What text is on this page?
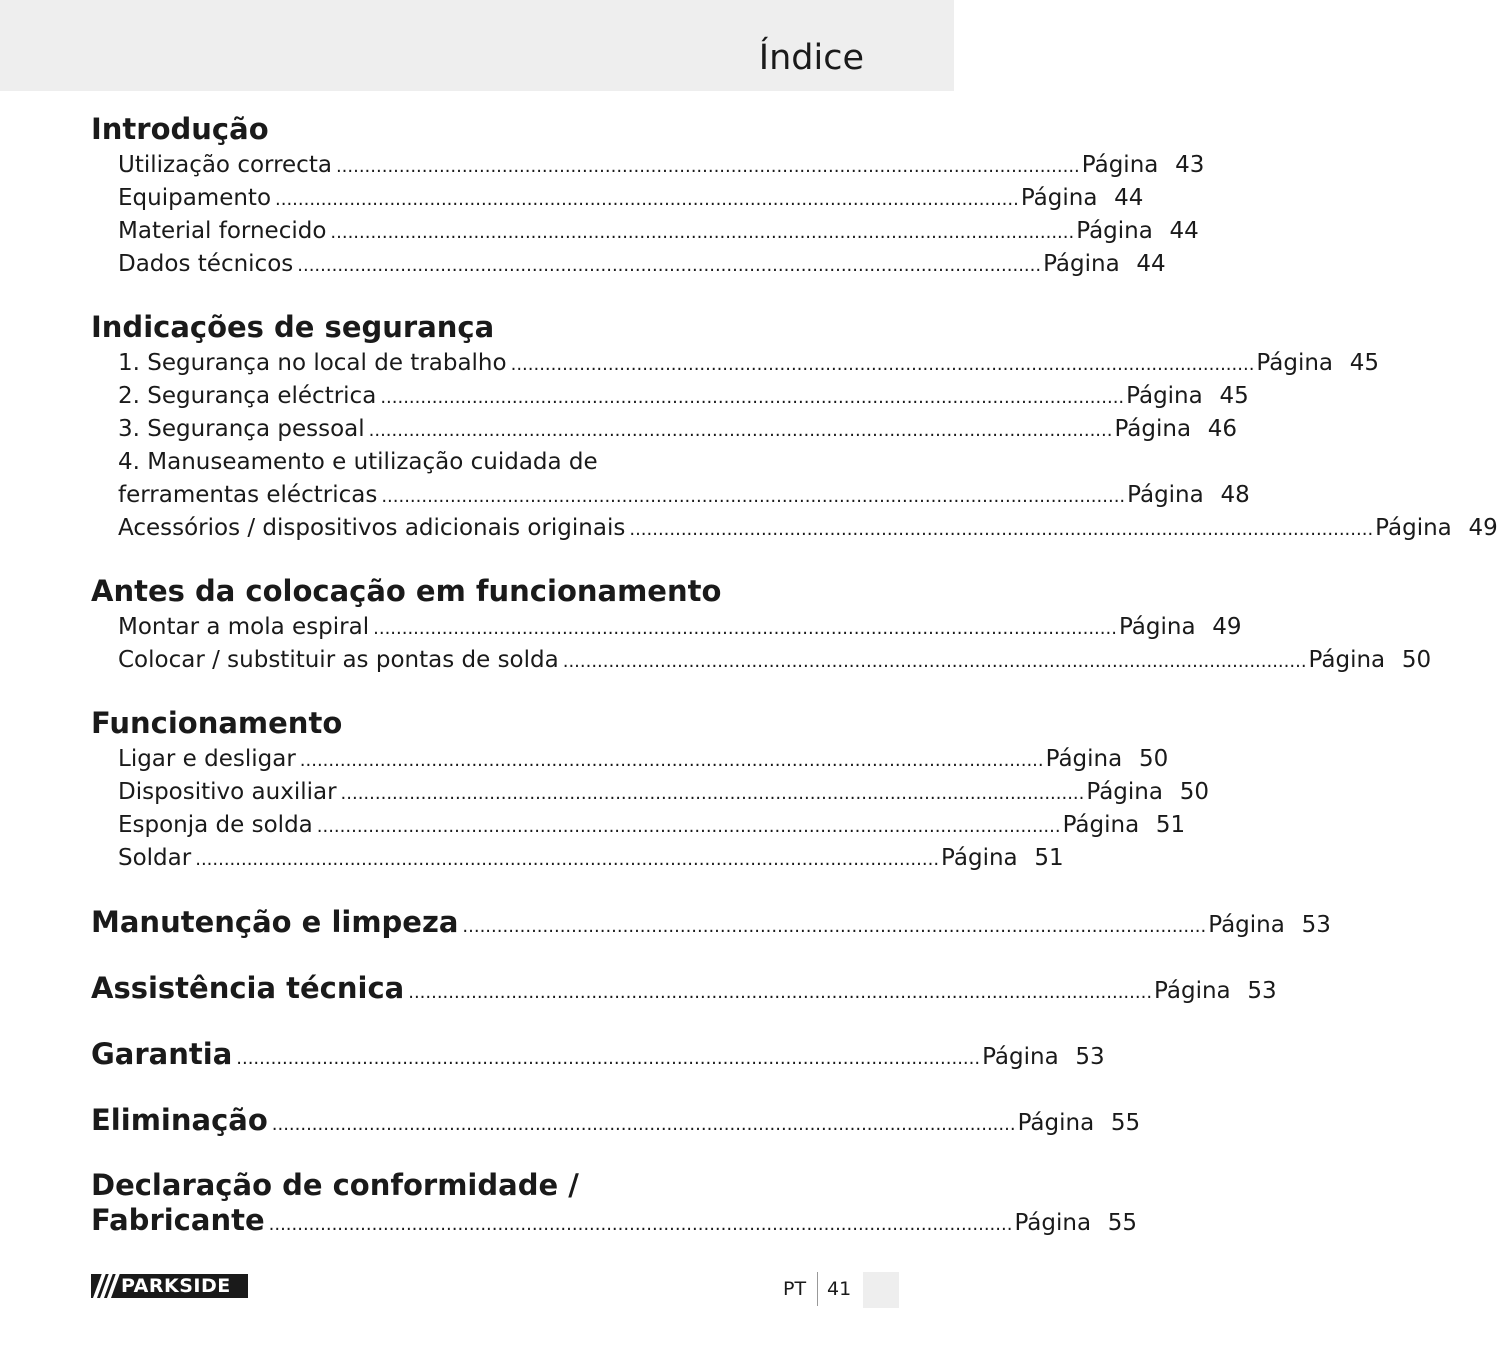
Índice
Introdução
Utilização correcta .................................................................................................................................. Página 43
Equipamento .................................................................................................................................. Página 44
Material fornecido .................................................................................................................................. Página 44
Dados técnicos .................................................................................................................................. Página 44
Indicações de segurança
1. Segurança no local de trabalho .................................................................................................................................. Página 45
2. Segurança eléctrica .................................................................................................................................. Página 45
3. Segurança pessoal .................................................................................................................................. Página 46
4. Manuseamento e utilização cuidada de
ferramentas eléctricas .................................................................................................................................. Página 48
Acessórios / dispositivos adicionais originais .................................................................................................................................. Página 49
Antes da colocação em funcionamento
Montar a mola espiral .................................................................................................................................. Página 49
Colocar / substituir as pontas de solda .................................................................................................................................. Página 50
Funcionamento
Ligar e desligar .................................................................................................................................. Página 50
Dispositivo auxiliar .................................................................................................................................. Página 50
Esponja de solda .................................................................................................................................. Página 51
Soldar .................................................................................................................................. Página 51
Manutenção e limpeza .................................................................................................................................. Página 53
Assistência técnica .................................................................................................................................. Página 53
Garantia .................................................................................................................................. Página 53
Eliminação .................................................................................................................................. Página 55
Declaração de conformidade /
Fabricante .................................................................................................................................. Página 55
PARKSIDE	PT 41
